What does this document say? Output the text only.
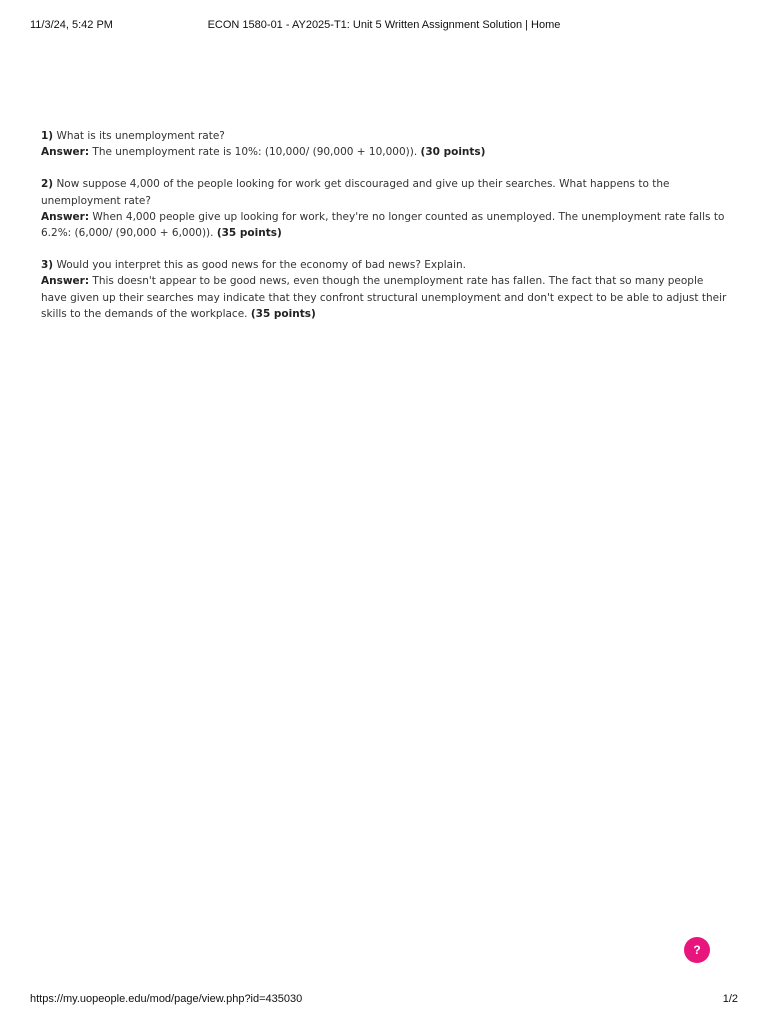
11/3/24, 5:42 PM	ECON 1580-01 - AY2025-T1: Unit 5 Written Assignment Solution | Home

1) What is its unemployment rate?

Answer: The unemployment rate is 10%: (10,000/ (90,000 + 10,000)). (30 points)

2) Now suppose 4,000 of the people looking for work get discouraged and give up their searches. What happens to the unemployment rate?

Answer: When 4,000 people give up looking for work, they're no longer counted as unemployed. The unemployment rate falls to 6.2%: (6,000/ (90,000 + 6,000)). (35 points)

3) Would you interpret this as good news for the economy of bad news? Explain.

Answer: This doesn't appear to be good news, even though the unemployment rate has fallen. The fact that so many people have given up their searches may indicate that they confront structural unemployment and don't expect to be able to adjust their skills to the demands of the workplace. (35 points)

?
https://my.uopeople.edu/mod/page/view.php?id=435030	1/2
